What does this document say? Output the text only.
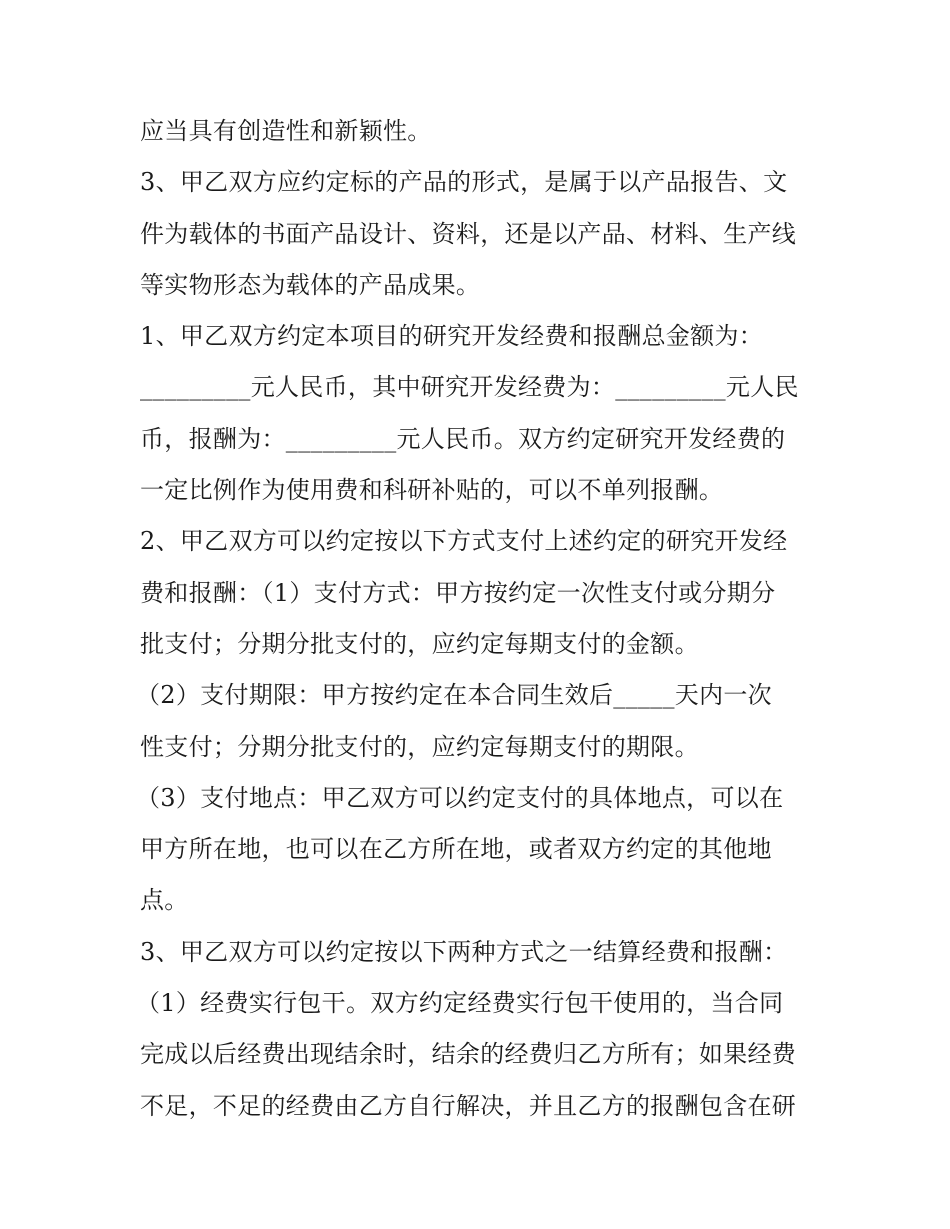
应当具有创造性和新颖性。
3、甲乙双方应约定标的产品的形式，是属于以产品报告、文
件为载体的书面产品设计、资料，还是以产品、材料、生产线
等实物形态为载体的产品成果。
1、甲乙双方约定本项目的研究开发经费和报酬总金额为：
_________元人民币，其中研究开发经费为：_________元人民
币，报酬为：_________元人民币。双方约定研究开发经费的
一定比例作为使用费和科研补贴的，可以不单列报酬。
2、甲乙双方可以约定按以下方式支付上述约定的研究开发经
费和报酬：（1）支付方式：甲方按约定一次性支付或分期分
批支付；分期分批支付的，应约定每期支付的金额。
（2）支付期限：甲方按约定在本合同生效后_____天内一次
性支付；分期分批支付的，应约定每期支付的期限。
（3）支付地点：甲乙双方可以约定支付的具体地点，可以在
甲方所在地，也可以在乙方所在地，或者双方约定的其他地
点。
3、甲乙双方可以约定按以下两种方式之一结算经费和报酬：
（1）经费实行包干。双方约定经费实行包干使用的，当合同
完成以后经费出现结余时，结余的经费归乙方所有；如果经费
不足，不足的经费由乙方自行解决，并且乙方的报酬包含在研
